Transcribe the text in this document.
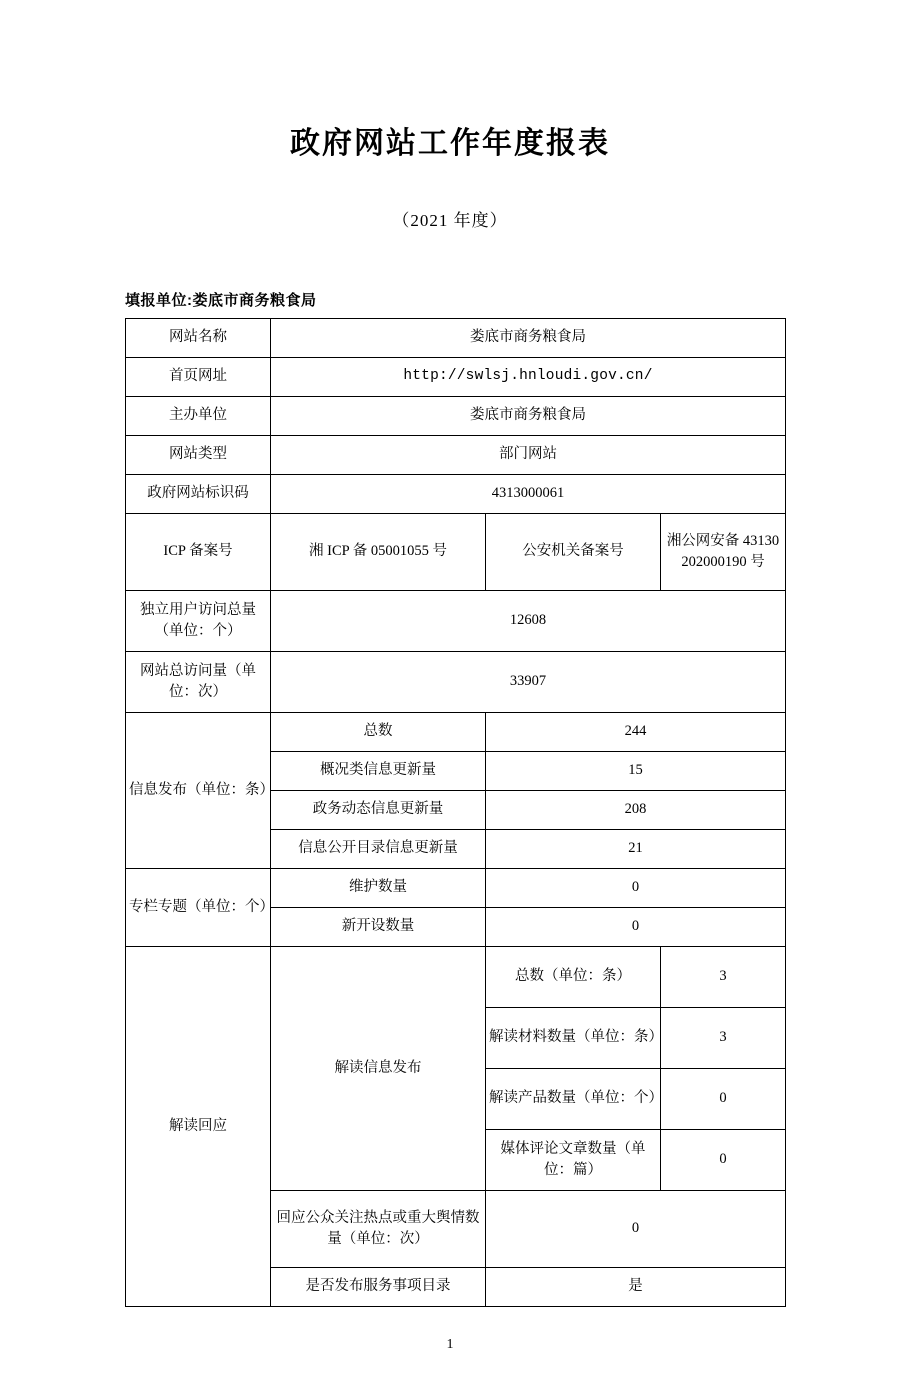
政府网站工作年度报表
（2021 年度）
填报单位:娄底市商务粮食局
网站名称	娄底市商务粮食局		
首页网址	http://swlsj.hnloudi.gov.cn/		
主办单位	娄底市商务粮食局		
网站类型	部门网站		
政府网站标识码	4313000061		
ICP 备案号	湘 ICP 备 05001055 号	公安机关备案号	湘公网安备 43130202000190 号
独立用户访问总量（单位：个）	12608		
网站总访问量（单位：次）	33907		
信息发布（单位：条）	总数	244	
	概况类信息更新量	15	
	政务动态信息更新量	208	
	信息公开目录信息更新量	21	
专栏专题（单位：个）	维护数量	0	
	新开设数量	0	
解读回应	解读信息发布	总数（单位：条）	3
		解读材料数量（单位：条）	3
		解读产品数量（单位：个）	0
		媒体评论文章数量（单位：篇）	0
	回应公众关注热点或重大舆情数量（单位：次）	0	
	是否发布服务事项目录	是	
1
